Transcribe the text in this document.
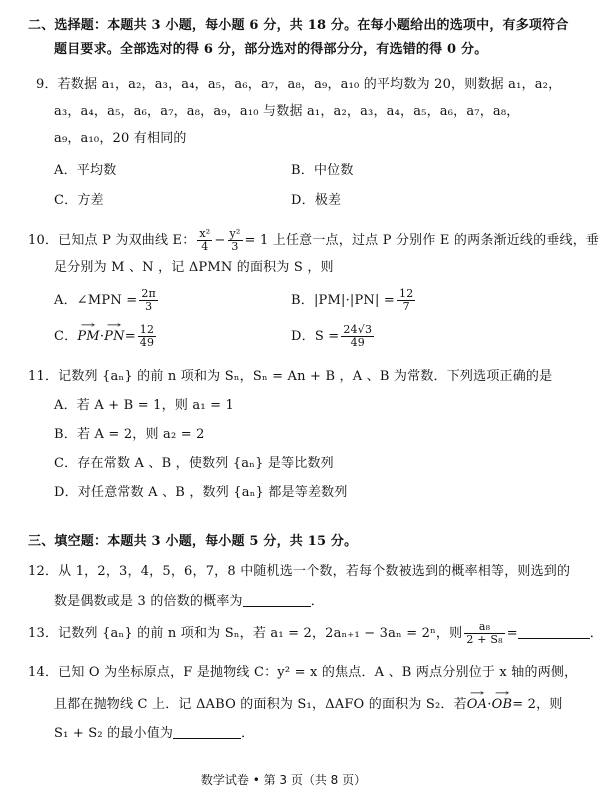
二、选择题：本题共 3 小题，每小题 6 分，共 18 分。在每小题给出的选项中，有多项符合
题目要求。全部选对的得 6 分，部分选对的得部分分，有选错的得 0 分。
9．若数据 a₁，a₂，a₃，a₄，a₅，a₆，a₇，a₈，a₉，a₁₀ 的平均数为 20，则数据 a₁，a₂，
a₃，a₄，a₅，a₆，a₇，a₈，a₉，a₁₀ 与数据 a₁，a₂，a₃，a₄，a₅，a₆，a₇，a₈，
a₉，a₁₀，20 有相同的
A．平均数	B．中位数
C．方差	D．极差
10．已知点 P 为双曲线 E： $\frac{\text{x²}}{4} - \frac{\text{y²}}{3} = 1$ 上任意一点，过点 P 分别作 E 的两条渐近线的垂线，垂
足分别为 M 、N ，记 ΔPMN 的面积为 S ，则
A．∠MPN = $\frac{2\pi}{3}$	B．$|PM|\cdot|PN| = \frac{12}{7}$
C．→ $PM\cdot\to PN= \frac{12}{49}$	D．$S = \frac{24√3}{49}$
11．记数列 {aₙ} 的前 n 项和为 Sₙ，Sₙ = An + B ，A 、B 为常数．下列选项正确的是
A．若 A + B = 1，则 a₁ = 1
B．若 A = 2，则 a₂ = 2
C．存在常数 A 、B ，使数列 {aₙ} 是等比数列
D．对任意常数 A 、B ，数列 {aₙ} 都是等差数列
三、填空题：本题共 3 小题，每小题 5 分，共 15 分。
12．从 1，2，3，4，5，6，7，8 中随机选一个数，若每个数被选到的概率相等，则选到的
数是偶数或是 3 的倍数的概率为	．
13．记数列 {aₙ} 的前 n 项和为 Sₙ，若 a₁ = 2，2aₙ₊₁ − 3aₙ = 2ⁿ，则 $\frac{\text{a₈}}{\text{2 + S₈}}$ =	．
14．已知 O 为坐标原点，F 是抛物线 C：y² = x 的焦点．A 、B 两点分别位于 x 轴的两侧，
且都在抛物线 C 上．记 ΔABO 的面积为 S₁，ΔAFO 的面积为 S₂．若→ OA·→ OB= 2，则
S₁ + S₂ 的最小值为	．
数学试卷 • 第 3 页（共 8 页）
